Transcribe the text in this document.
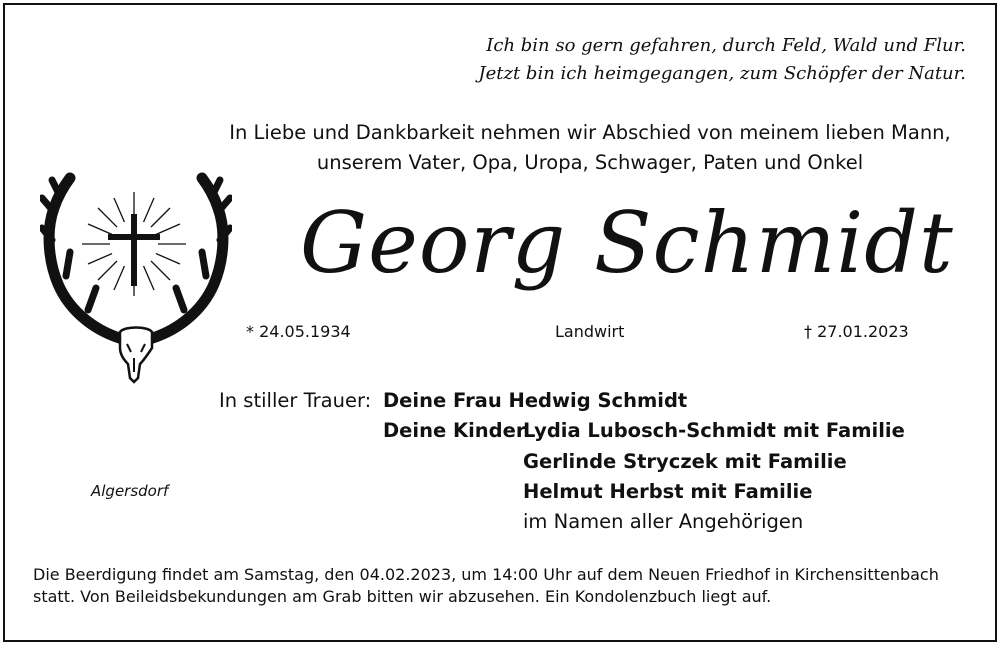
Ich bin so gern gefahren, durch Feld, Wald und Flur.
Jetzt bin ich heimgegangen, zum Schöpfer der Natur.
In Liebe und Dankbarkeit nehmen wir Abschied von meinem lieben Mann,
unserem Vater, Opa, Uropa, Schwager, Paten und Onkel
Georg Schmidt
* 24.05.1934	Landwirt	† 27.01.2023
In stiller Trauer: Deine Frau Hedwig Schmidt
Deine Kinder
Lydia Lubosch-Schmidt mit Familie
Gerlinde Stryczek mit Familie
Helmut Herbst mit Familie
im Namen aller Angehörigen
Algersdorf
Die Beerdigung findet am Samstag, den 04.02.2023, um 14:00 Uhr auf dem Neuen Friedhof in Kirchensittenbach
statt. Von Beileidsbekundungen am Grab bitten wir abzusehen. Ein Kondolenzbuch liegt auf.
